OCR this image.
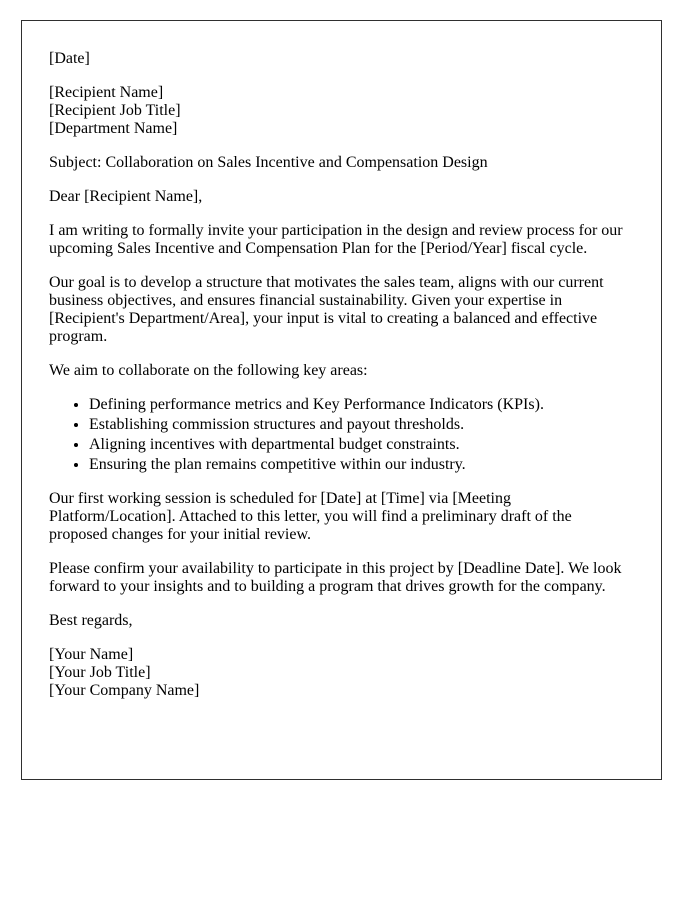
[Date]

[Recipient Name]
[Recipient Job Title]
[Department Name]

Subject: Collaboration on Sales Incentive and Compensation Design

Dear [Recipient Name],

I am writing to formally invite your participation in the design and review process for our upcoming Sales Incentive and Compensation Plan for the [Period/Year] fiscal cycle.

Our goal is to develop a structure that motivates the sales team, aligns with our current business objectives, and ensures financial sustainability. Given your expertise in [Recipient's Department/Area], your input is vital to creating a balanced and effective program.

We aim to collaborate on the following key areas:

• Defining performance metrics and Key Performance Indicators (KPIs).
• Establishing commission structures and payout thresholds.
• Aligning incentives with departmental budget constraints.
• Ensuring the plan remains competitive within our industry.

Our first working session is scheduled for [Date] at [Time] via [Meeting Platform/Location]. Attached to this letter, you will find a preliminary draft of the proposed changes for your initial review.

Please confirm your availability to participate in this project by [Deadline Date]. We look forward to your insights and to building a program that drives growth for the company.

Best regards,

[Your Name]
[Your Job Title]
[Your Company Name]
